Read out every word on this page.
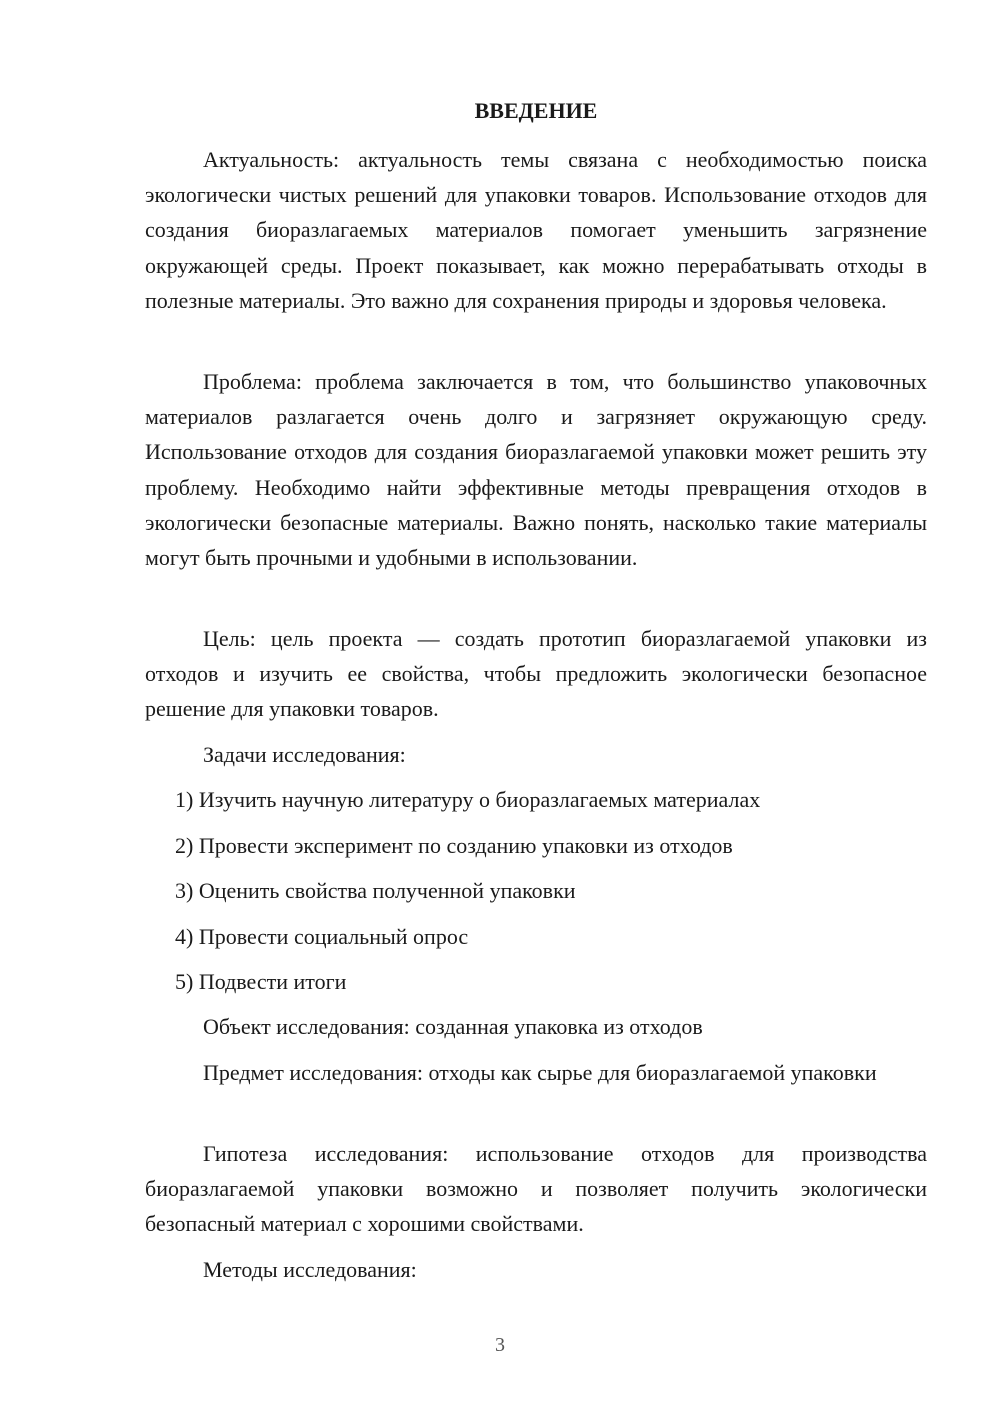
ВВЕДЕНИЕ

Актуальность: актуальность темы связана с необходимостью поиска экологически чистых решений для упаковки товаров. Использование отходов для создания биоразлагаемых материалов помогает уменьшить загрязнение окружающей среды. Проект показывает, как можно перерабатывать отходы в полезные материалы. Это важно для сохранения природы и здоровья человека.

Проблема: проблема заключается в том, что большинство упаковочных материалов разлагается очень долго и загрязняет окружающую среду. Использование отходов для создания биоразлагаемой упаковки может решить эту проблему. Необходимо найти эффективные методы превращения отходов в экологически безопасные материалы. Важно понять, насколько такие материалы могут быть прочными и удобными в использовании.

Цель: цель проекта — создать прототип биоразлагаемой упаковки из отходов и изучить ее свойства, чтобы предложить экологически безопасное решение для упаковки товаров.

Задачи исследования:

1) Изучить научную литературу о биоразлагаемых материалах

2) Провести эксперимент по созданию упаковки из отходов

3) Оценить свойства полученной упаковки

4) Провести социальный опрос

5) Подвести итоги

Объект исследования: созданная упаковка из отходов

Предмет исследования: отходы как сырье для биоразлагаемой упаковки

Гипотеза исследования: использование отходов для производства биоразлагаемой упаковки возможно и позволяет получить экологически безопасный материал с хорошими свойствами.

Методы исследования:

3
